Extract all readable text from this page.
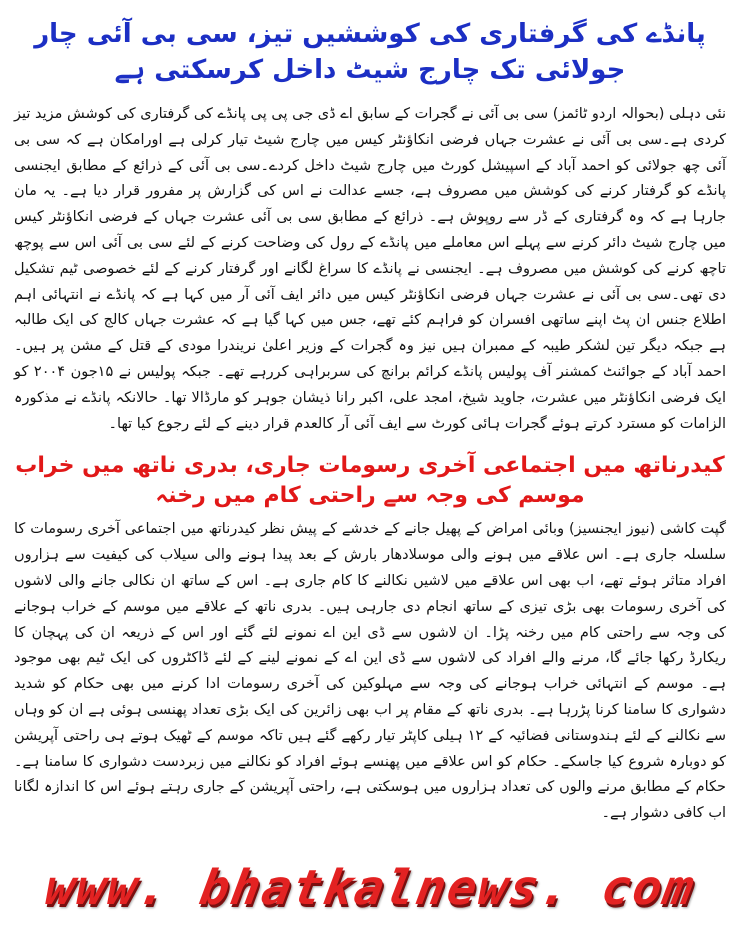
پانڈے کی گرفتاری کی کوششیں تیز، سی بی آئی چار جولائی تک چارج شیٹ داخل کرسکتی ہے

نئی دہلی (بحوالہ اردو ٹائمز) سی بی آئی نے گجرات کے سابق اے ڈی جی پی پی پانڈے کی گرفتاری کی کوشش مزید تیز کردی ہے۔سی بی آئی نے عشرت جہاں فرضی انکاؤنٹر کیس میں چارج شیٹ تیار کرلی ہے اورامکان ہے کہ سی بی آئی چھ جولائی کو احمد آباد کے اسپیشل کورٹ میں چارج شیٹ داخل کردے۔سی بی آئی کے ذرائع کے مطابق ایجنسی پانڈے کو گرفتار کرنے کی کوشش میں مصروف ہے، جسے عدالت نے اس کی گزارش پر مفرور قرار دیا ہے۔ یہ مان جارہا ہے کہ وہ گرفتاری کے ڈر سے روپوش ہے۔ ذرائع کے مطابق سی بی آئی عشرت جہاں کے فرضی انکاؤنٹر کیس میں چارج شیٹ دائر کرنے سے پہلے اس معاملے میں پانڈے کے رول کی وضاحت کرنے کے لئے سی بی آئی اس سے پوچھ تاچھ کرنے کی کوشش میں مصروف ہے۔ ایجنسی نے پانڈے کا سراغ لگانے اور گرفتار کرنے کے لئے خصوصی ٹیم تشکیل دی تھی۔سی بی آئی نے عشرت جہاں فرضی انکاؤنٹر کیس میں دائر ایف آئی آر میں کہا ہے کہ پانڈے نے انتہائی اہم اطلاع جنس ان پٹ اپنے ساتھی افسران کو فراہم کئے تھے، جس میں کہا گیا ہے کہ عشرت جہاں کالج کی ایک طالبہ ہے جبکہ دیگر تین لشکر طیبہ کے ممبران ہیں نیز وہ گجرات کے وزیر اعلیٰ نریندرا مودی کے قتل کے مشن پر ہیں۔ احمد آباد کے جوائنٹ کمشنر آف پولیس پانڈے کرائم برانچ کی سربراہی کررہے تھے۔ جبکہ پولیس نے ۱۵جون ۲۰۰۴ کو ایک فرضی انکاؤنٹر میں عشرت، جاوید شیخ، امجد علی، اکبر رانا ذیشان جوہر کو مارڈالا تھا۔ حالانکہ پانڈے نے مذکورہ الزامات کو مسترد کرتے ہوئے گجرات ہائی کورٹ سے ایف آئی آر کالعدم قرار دینے کے لئے رجوع کیا تھا۔

کیدرناتھ میں اجتماعی آخری رسومات جاری، بدری ناتھ میں خراب موسم کی وجہ سے راحتی کام میں رخنہ

گپت کاشی (نیوز ایجنسیز) وبائی امراض کے پھیل جانے کے خدشے کے پیش نظر کیدرناتھ میں اجتماعی آخری رسومات کا سلسلہ جاری ہے۔ اس علاقے میں ہونے والی موسلادھار بارش کے بعد پیدا ہونے والی سیلاب کی کیفیت سے ہزاروں افراد متاثر ہوئے تھے، اب بھی اس علاقے میں لاشیں نکالنے کا کام جاری ہے۔ اس کے ساتھ ان نکالی جانے والی لاشوں کی آخری رسومات بھی بڑی تیزی کے ساتھ انجام دی جارہی ہیں۔ بدری ناتھ کے علاقے میں موسم کے خراب ہوجانے کی وجہ سے راحتی کام میں رخنہ پڑا۔ ان لاشوں سے ڈی این اے نمونے لئے گئے اور اس کے ذریعہ ان کی پہچان کا ریکارڈ رکھا جائے گا، مرنے والے افراد کی لاشوں سے ڈی این اے کے نمونے لینے کے لئے ڈاکٹروں کی ایک ٹیم بھی موجود ہے۔ موسم کے انتہائی خراب ہوجانے کی وجہ سے مہلوکین کی آخری رسومات ادا کرنے میں بھی حکام کو شدید دشواری کا سامنا کرنا پڑرہا ہے۔ بدری ناتھ کے مقام پر اب بھی زائرین کی ایک بڑی تعداد پھنسی ہوئی ہے ان کو وہاں سے نکالنے کے لئے ہندوستانی فضائیہ کے ۱۲ ہیلی کاپٹر تیار رکھے گئے ہیں تاکہ موسم کے ٹھیک ہوتے ہی راحتی آپریشن کو دوبارہ شروع کیا جاسکے۔ حکام کو اس علاقے میں پھنسے ہوئے افراد کو نکالنے میں زبردست دشواری کا سامنا ہے۔ حکام کے مطابق مرنے والوں کی تعداد ہزاروں میں ہوسکتی ہے، راحتی آپریشن کے جاری رہتے ہوئے اس کا اندازہ لگانا اب کافی دشوار ہے۔

www. bhatkalnews. com
